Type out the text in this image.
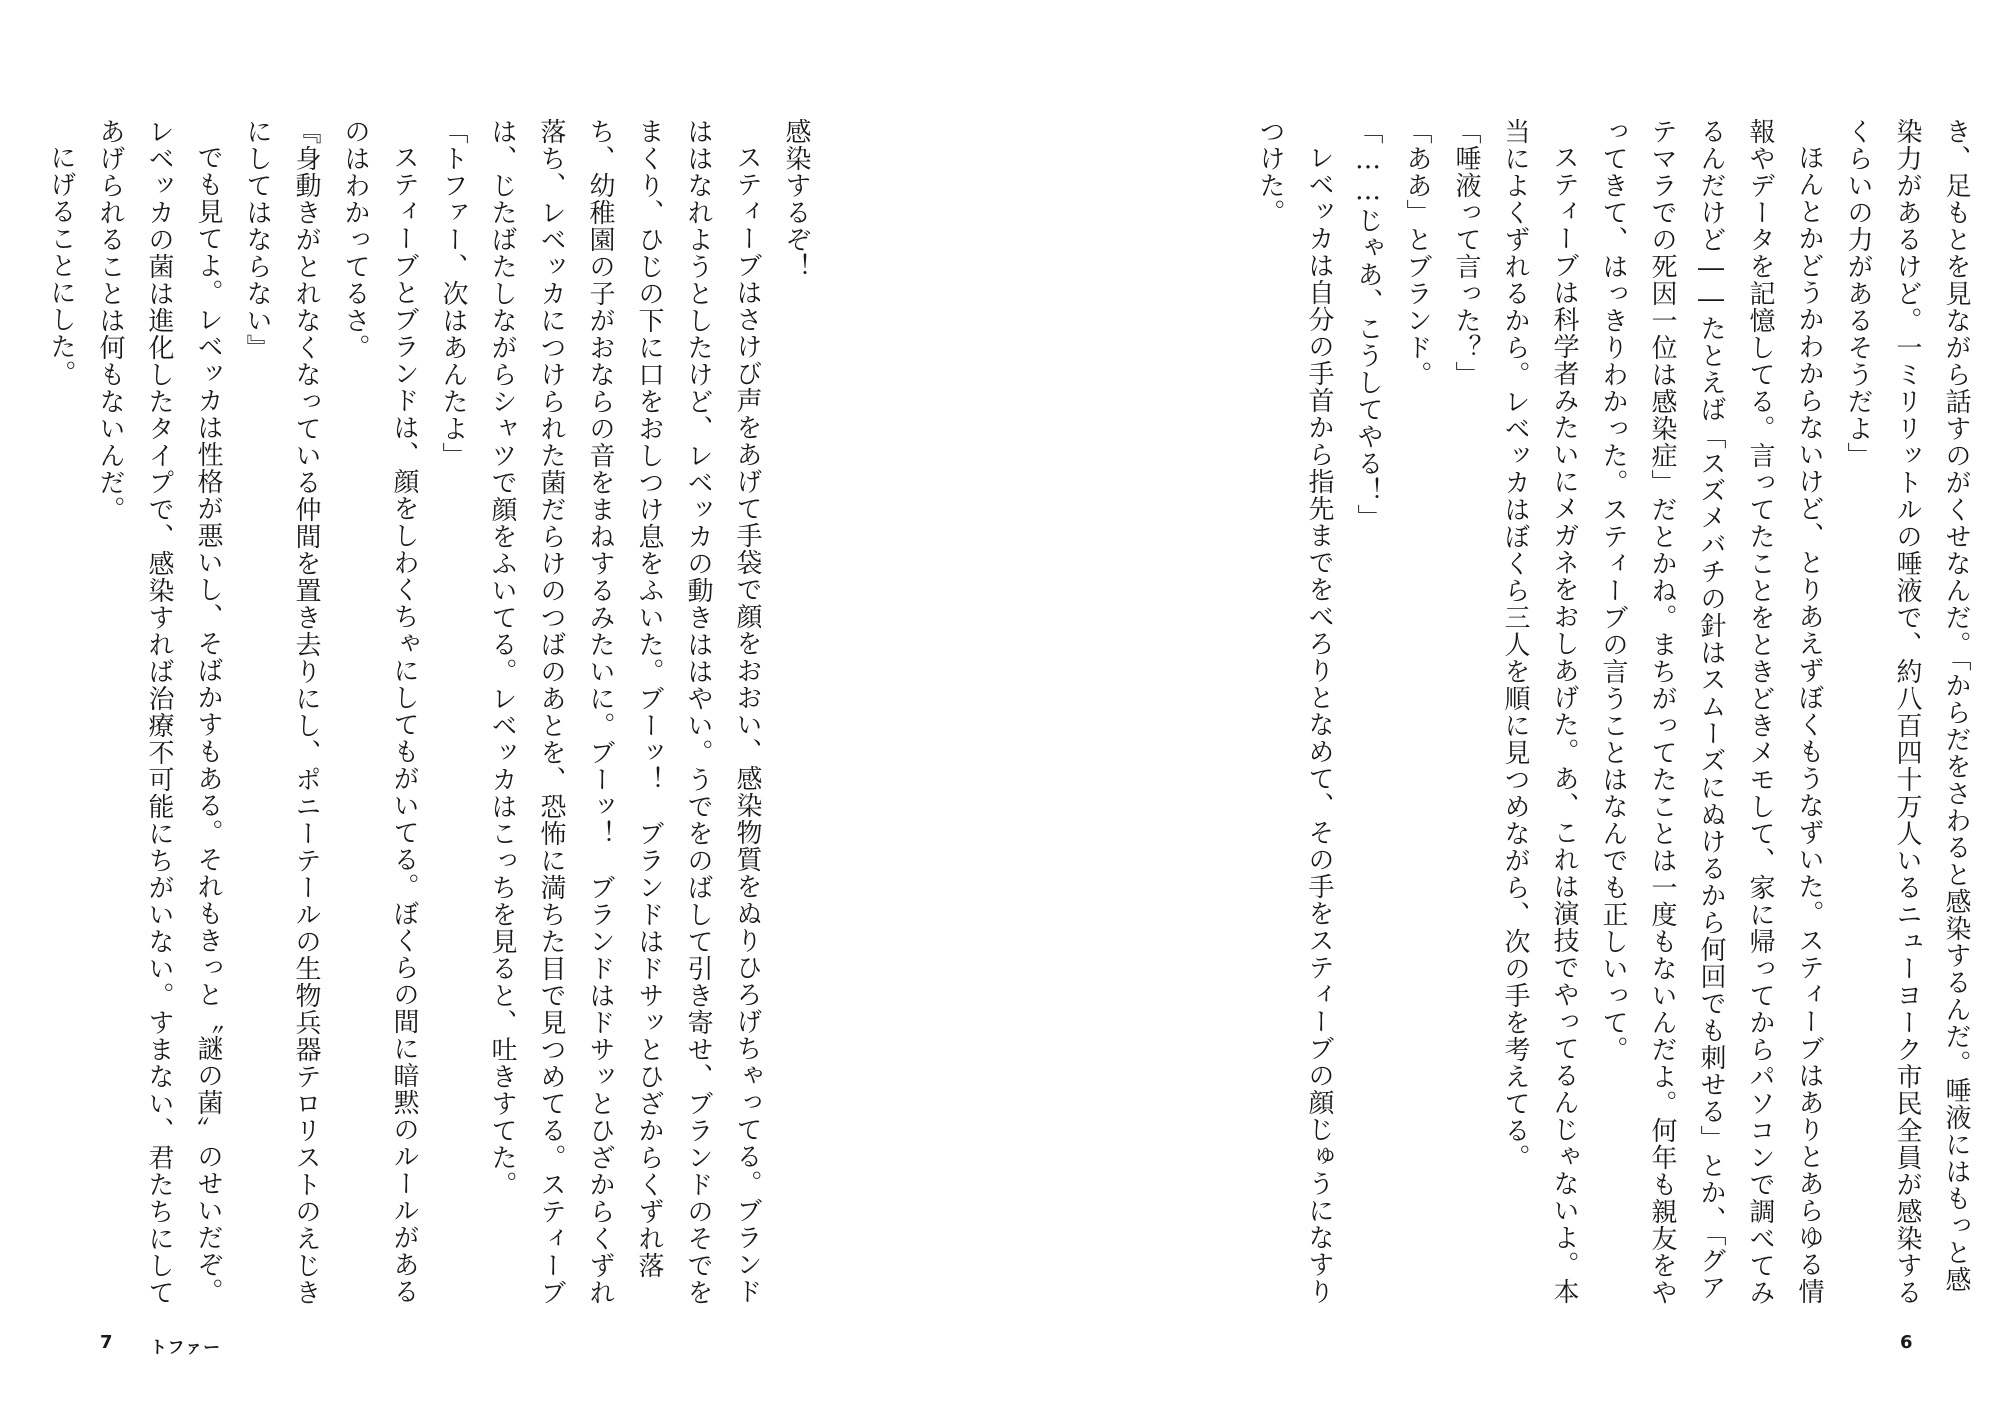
感染するぞ！

スティーブはさけび声をあげて手袋で顔をおおい、感染物質をぬりひろげちゃってる。ブランドははなれようとしたけど、レベッカの動きははやい。うでをのばして引き寄せ、ブランドのそでをまくり、ひじの下に口をおしつけ息をふいた。ブーッ！　ブランドはドサッとひざからくずれ落ち、幼稚園の子がおならの音をまねするみたいに。ブーッ！　ブランドはドサッとひざからくずれ落ち、レベッカにつけられた菌だらけのつばのあとを、恐怖に満ちた目で見つめてる。スティーブは、じたばたしながらシャツで顔をふいてる。レベッカはこっちを見ると、吐きすてた。

「トファー、次はあんたよ」

スティーブとブランドは、顔をしわくちゃにしてもがいてる。ぼくらの間に暗黙のルールがあるのはわかってるさ。

『身動きがとれなくなっている仲間を置き去りにし、ポニーテールの生物兵器テロリストのえじきにしてはならない』

でも見てよ。レベッカは性格が悪いし、そばかすもある。それもきっと〝謎の菌〟のせいだぞ。レベッカの菌は進化したタイプで、感染すれば治療不可能にちがいない。すまない、君たちにしてあげられることは何もないんだ。

にげることにした。

7 トファー

き、足もとを見ながら話すのがくせなんだ。「からだをさわると感染するんだ。唾液にはもっと感染力があるけど。一ミリリットルの唾液で、約八百四十万人いるニューヨーク市民全員が感染するくらいの力があるそうだよ」

ほんとかどうかわからないけど、とりあえずぼくもうなずいた。スティーブはありとあらゆる情報やデータを記憶してる。言ってたことをときどきメモして、家に帰ってからパソコンで調べてみるんだけど――たとえば「スズメバチの針はスムーズにぬけるから何回でも刺せる」とか、「グアテマラでの死因一位は感染症」だとかね。まちがってたことは一度もないんだよ。何年も親友をやってきて、はっきりわかった。スティーブの言うことはなんでも正しいって。

スティーブは科学者みたいにメガネをおしあげた。あ、これは演技でやってるんじゃないよ。本当によくずれるから。レベッカはぼくら三人を順に見つめながら、次の手を考えてる。

「唾液って言った？」

「ああ」とブランド。

「……じゃあ、こうしてやる！」

レベッカは自分の手首から指先までをべろりとなめて、その手をスティーブの顔じゅうになすりつけた。

6
